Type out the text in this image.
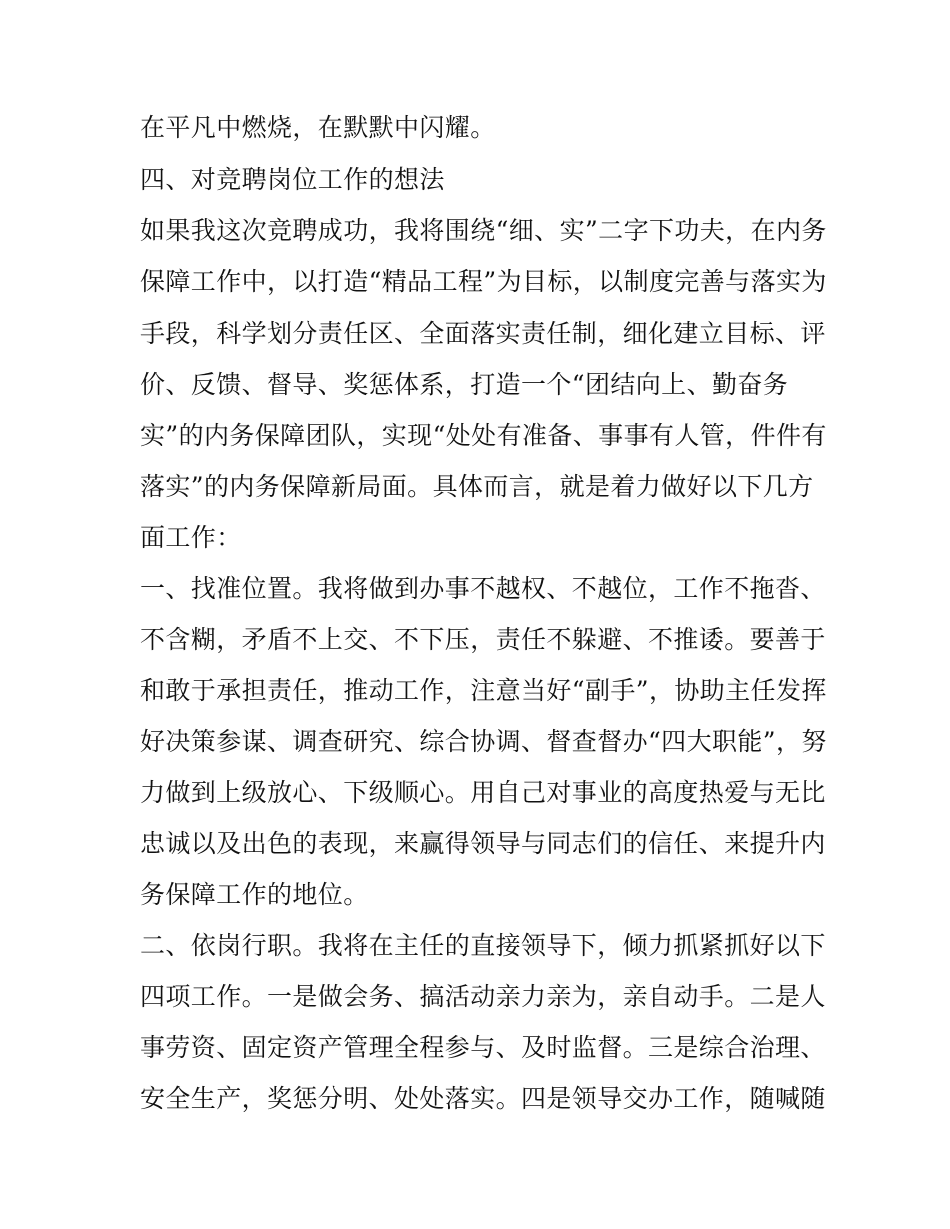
在平凡中燃烧，在默默中闪耀。
四、对竞聘岗位工作的想法
如果我这次竞聘成功，我将围绕“细、实”二字下功夫，在内务
保障工作中，以打造“精品工程”为目标，以制度完善与落实为
手段，科学划分责任区、全面落实责任制，细化建立目标、评
价、反馈、督导、奖惩体系，打造一个“团结向上、勤奋务
实”的内务保障团队，实现“处处有准备、事事有人管，件件有
落实”的内务保障新局面。具体而言，就是着力做好以下几方
面工作：
一、找准位置。我将做到办事不越权、不越位，工作不拖沓、
不含糊，矛盾不上交、不下压，责任不躲避、不推诿。要善于
和敢于承担责任，推动工作，注意当好“副手”，协助主任发挥
好决策参谋、调查研究、综合协调、督查督办“四大职能”，努
力做到上级放心、下级顺心。用自己对事业的高度热爱与无比
忠诚以及出色的表现，来赢得领导与同志们的信任、来提升内
务保障工作的地位。
二、依岗行职。我将在主任的直接领导下，倾力抓紧抓好以下
四项工作。一是做会务、搞活动亲力亲为，亲自动手。二是人
事劳资、固定资产管理全程参与、及时监督。三是综合治理、
安全生产，奖惩分明、处处落实。四是领导交办工作，随喊随
